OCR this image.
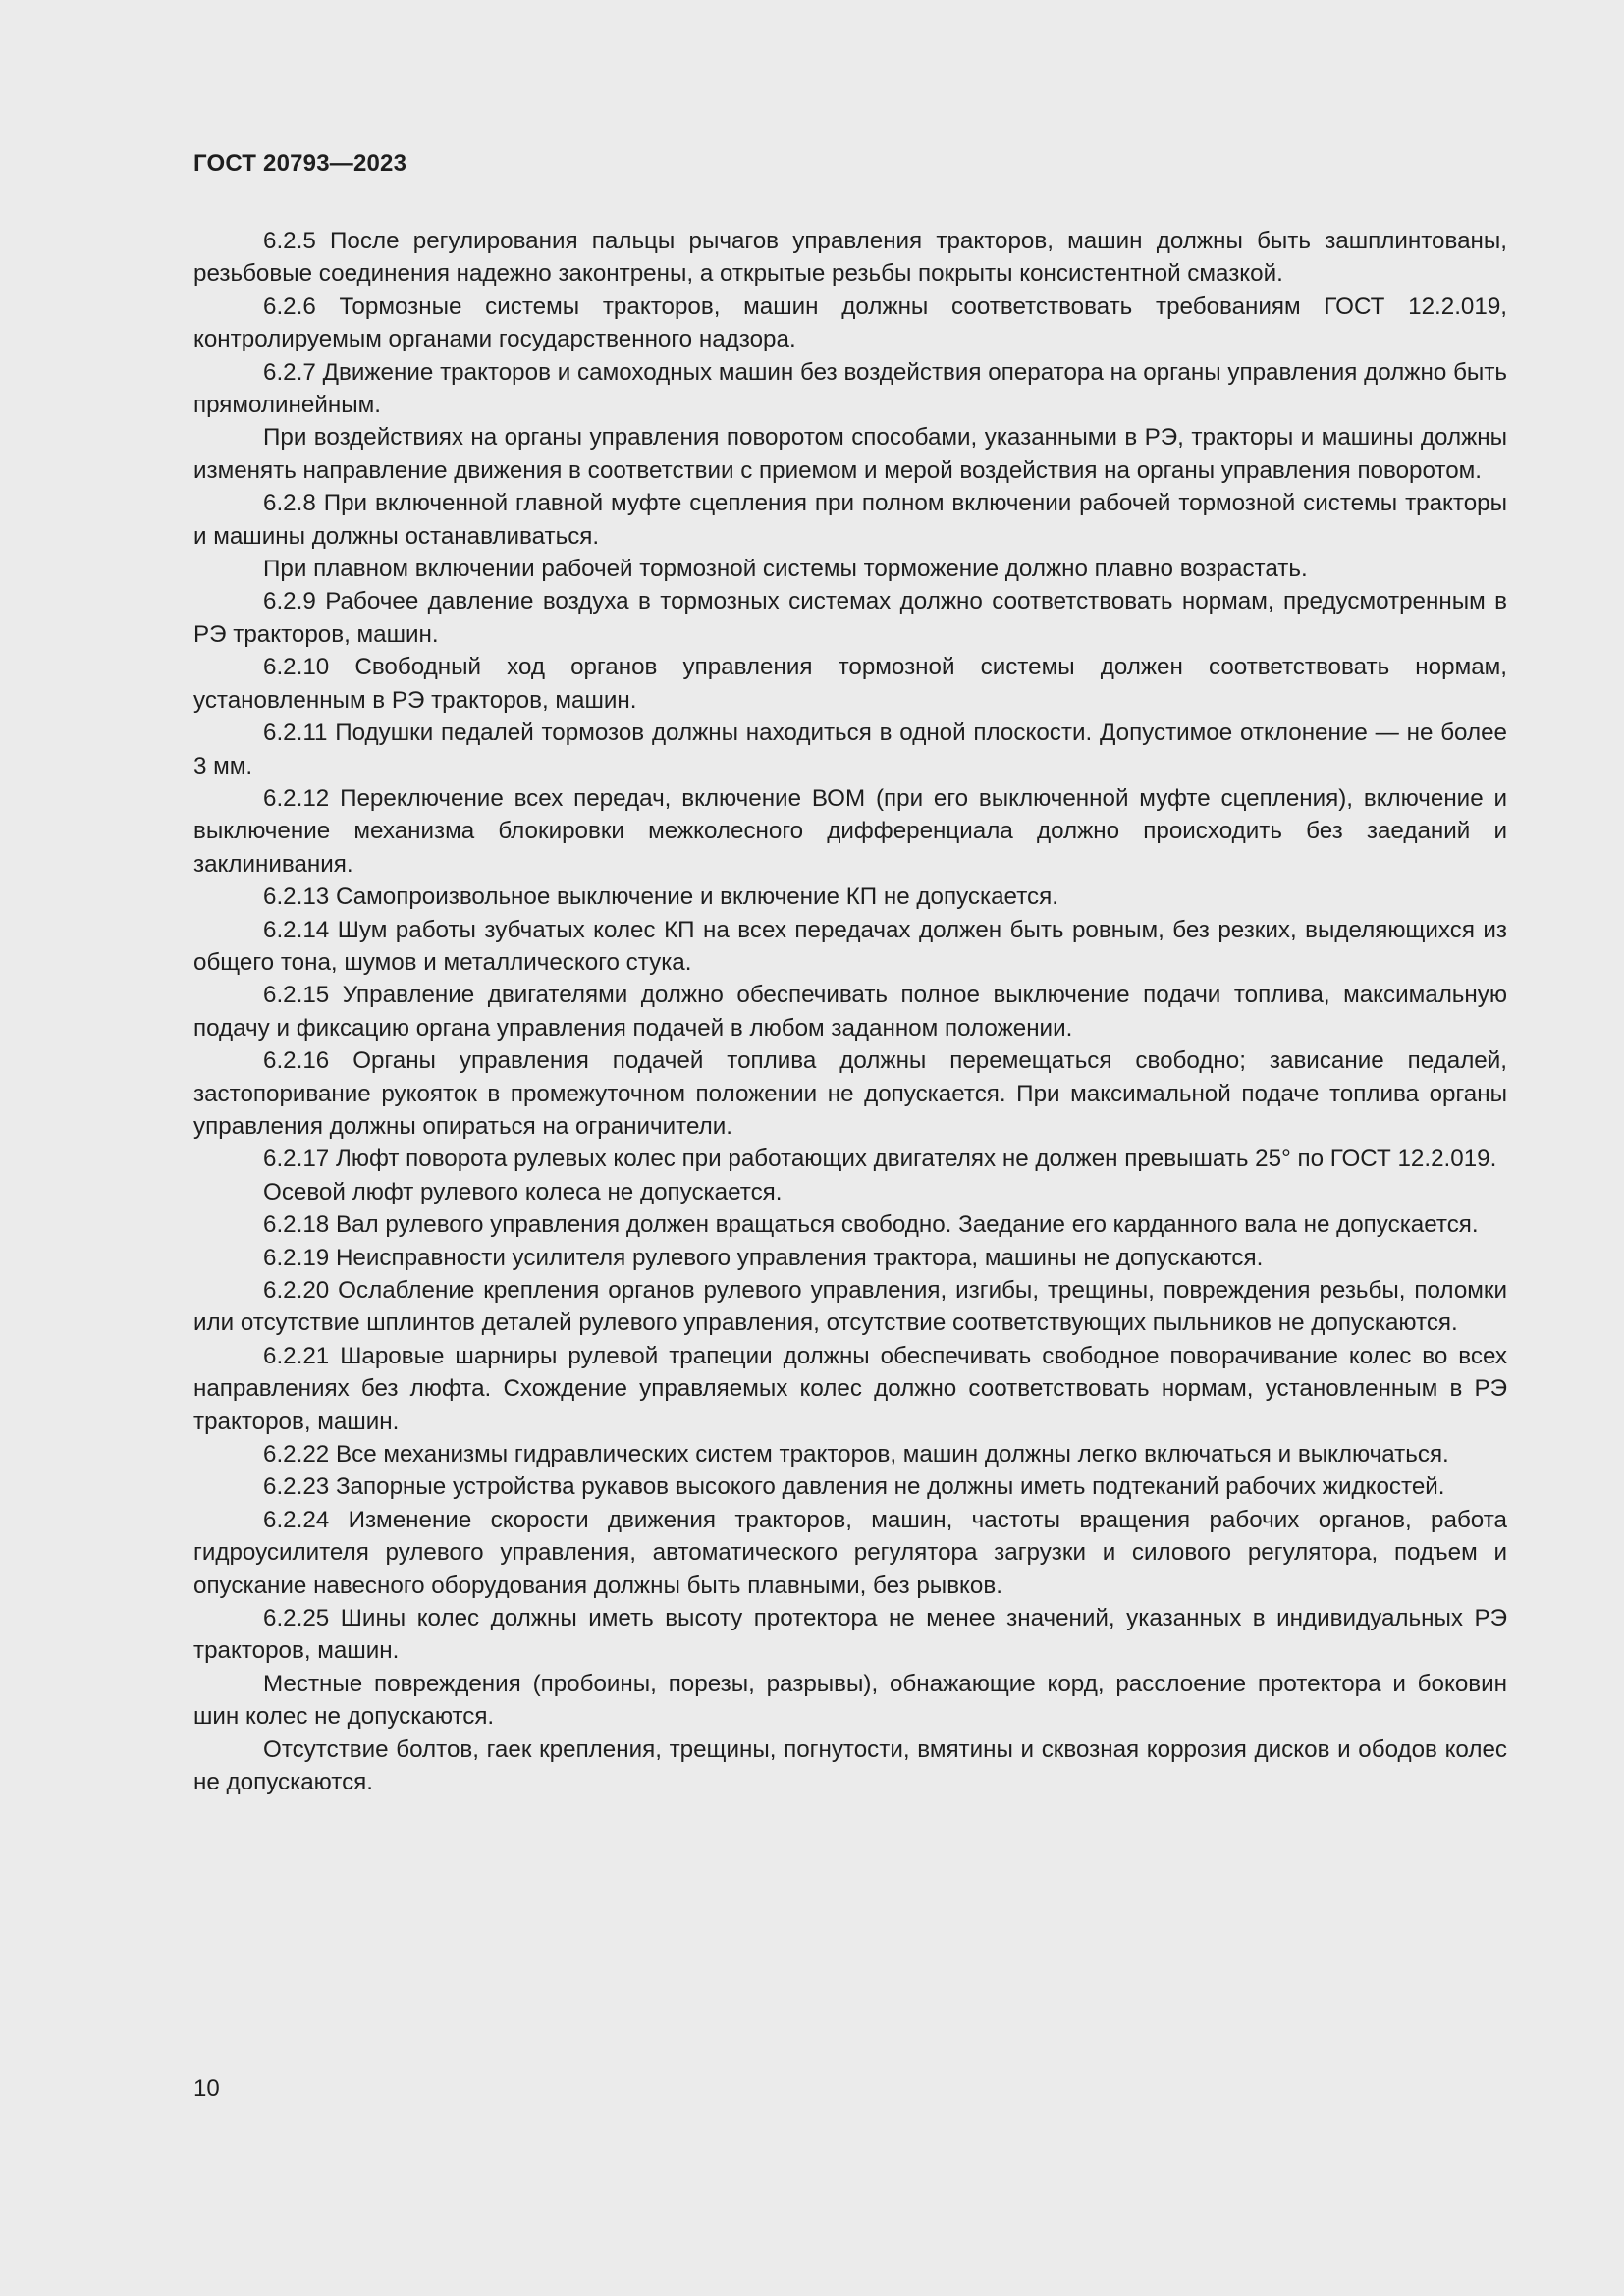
ГОСТ 20793—2023

6.2.5 После регулирования пальцы рычагов управления тракторов, машин должны быть зашплинтованы, резьбовые соединения надежно законтрены, а открытые резьбы покрыты консистентной смазкой.

6.2.6 Тормозные системы тракторов, машин должны соответствовать требованиям ГОСТ 12.2.019, контролируемым органами государственного надзора.

6.2.7 Движение тракторов и самоходных машин без воздействия оператора на органы управления должно быть прямолинейным.

При воздействиях на органы управления поворотом способами, указанными в РЭ, тракторы и машины должны изменять направление движения в соответствии с приемом и мерой воздействия на органы управления поворотом.

6.2.8 При включенной главной муфте сцепления при полном включении рабочей тормозной системы тракторы и машины должны останавливаться.

При плавном включении рабочей тормозной системы торможение должно плавно возрастать.

6.2.9 Рабочее давление воздуха в тормозных системах должно соответствовать нормам, предусмотренным в РЭ тракторов, машин.

6.2.10 Свободный ход органов управления тормозной системы должен соответствовать нормам, установленным в РЭ тракторов, машин.

6.2.11 Подушки педалей тормозов должны находиться в одной плоскости. Допустимое отклонение — не более 3 мм.

6.2.12 Переключение всех передач, включение ВОМ (при его выключенной муфте сцепления), включение и выключение механизма блокировки межколесного дифференциала должно происходить без заеданий и заклинивания.

6.2.13 Самопроизвольное выключение и включение КП не допускается.

6.2.14 Шум работы зубчатых колес КП на всех передачах должен быть ровным, без резких, выделяющихся из общего тона, шумов и металлического стука.

6.2.15 Управление двигателями должно обеспечивать полное выключение подачи топлива, максимальную подачу и фиксацию органа управления подачей в любом заданном положении.

6.2.16 Органы управления подачей топлива должны перемещаться свободно; зависание педалей, застопоривание рукояток в промежуточном положении не допускается. При максимальной подаче топлива органы управления должны опираться на ограничители.

6.2.17 Люфт поворота рулевых колес при работающих двигателях не должен превышать 25° по ГОСТ 12.2.019.

Осевой люфт рулевого колеса не допускается.

6.2.18 Вал рулевого управления должен вращаться свободно. Заедание его карданного вала не допускается.

6.2.19 Неисправности усилителя рулевого управления трактора, машины не допускаются.

6.2.20 Ослабление крепления органов рулевого управления, изгибы, трещины, повреждения резьбы, поломки или отсутствие шплинтов деталей рулевого управления, отсутствие соответствующих пыльников не допускаются.

6.2.21 Шаровые шарниры рулевой трапеции должны обеспечивать свободное поворачивание колес во всех направлениях без люфта. Схождение управляемых колес должно соответствовать нормам, установленным в РЭ тракторов, машин.

6.2.22 Все механизмы гидравлических систем тракторов, машин должны легко включаться и выключаться.

6.2.23 Запорные устройства рукавов высокого давления не должны иметь подтеканий рабочих жидкостей.

6.2.24 Изменение скорости движения тракторов, машин, частоты вращения рабочих органов, работа гидроусилителя рулевого управления, автоматического регулятора загрузки и силового регулятора, подъем и опускание навесного оборудования должны быть плавными, без рывков.

6.2.25 Шины колес должны иметь высоту протектора не менее значений, указанных в индивидуальных РЭ тракторов, машин.

Местные повреждения (пробоины, порезы, разрывы), обнажающие корд, расслоение протектора и боковин шин колес не допускаются.

Отсутствие болтов, гаек крепления, трещины, погнутости, вмятины и сквозная коррозия дисков и ободов колес не допускаются.

10
